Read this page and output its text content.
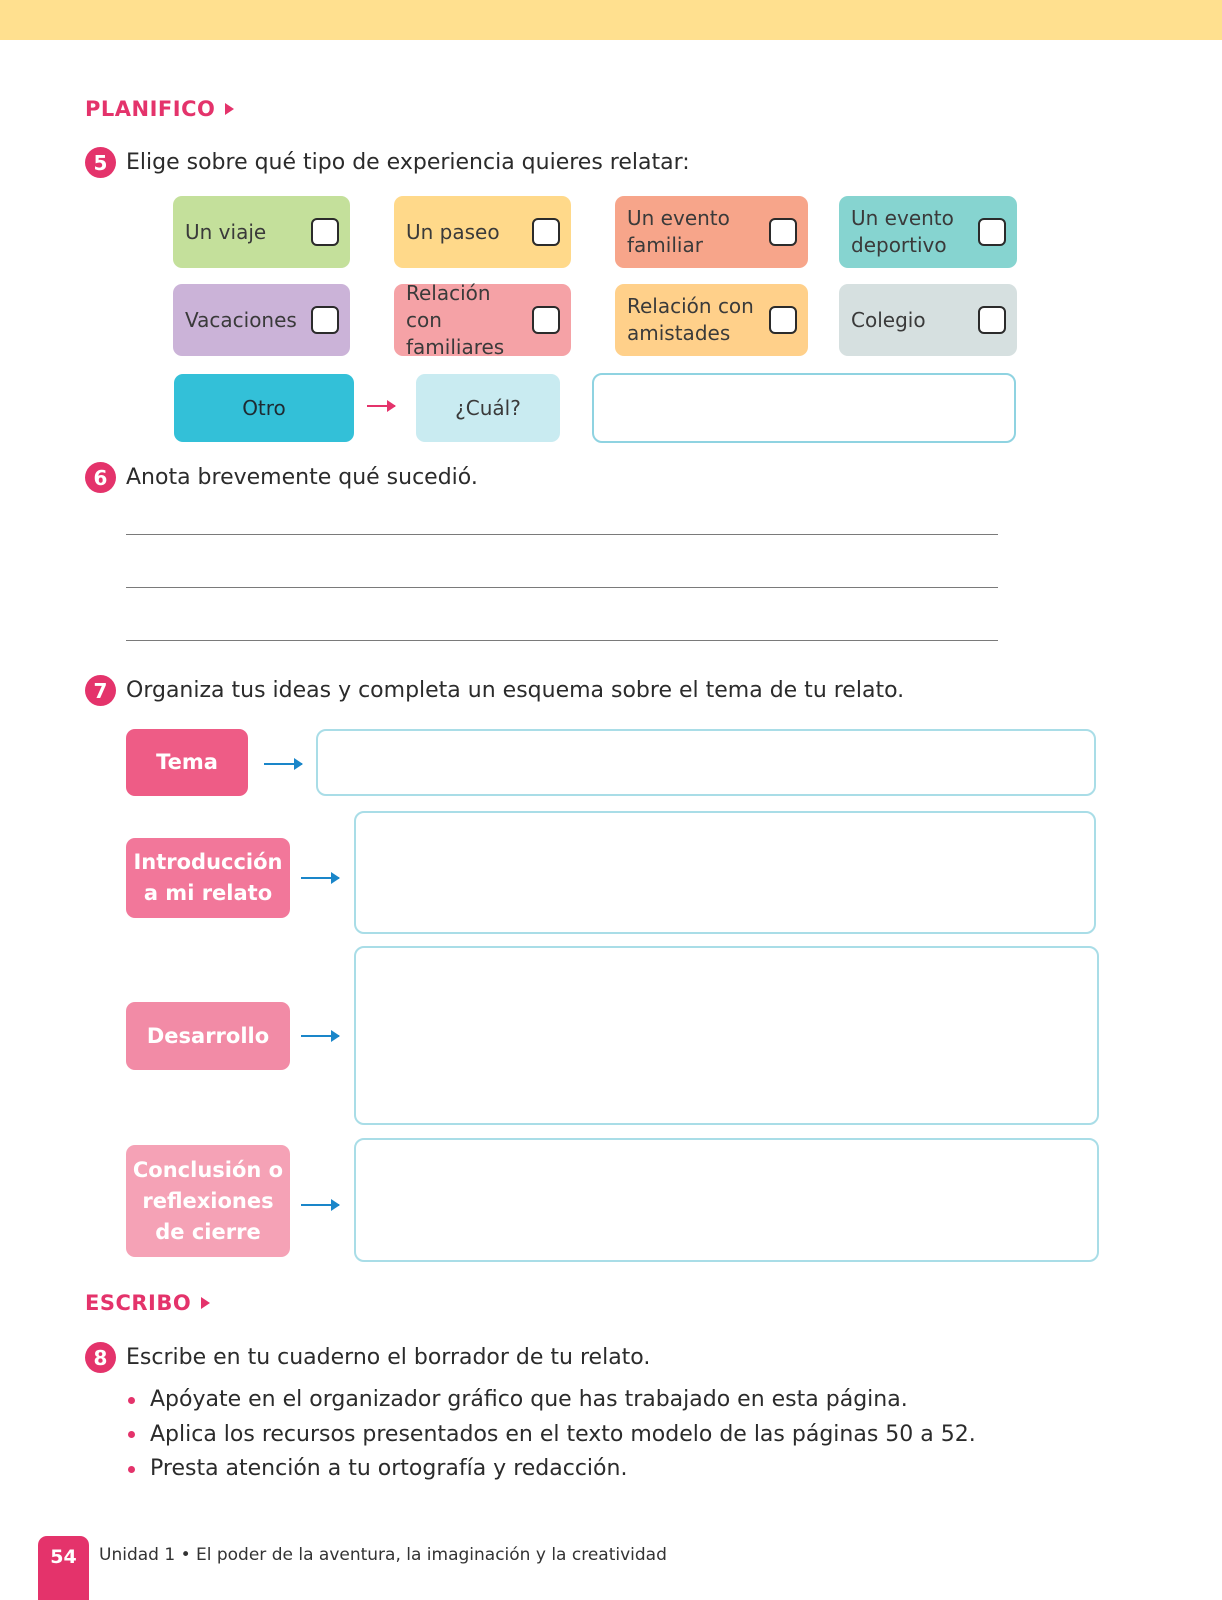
PLANIFICO
5 Elige sobre qué tipo de experiencia quieres relatar:
Un viaje	Un paseo
Un evento
familiar
Un evento
deportivo
Vacaciones
Relación con
familiares
Relación con
amistades
Colegio
Otro	¿Cuál?
6 Anota brevemente qué sucedió.
7 Organiza tus ideas y completa un esquema sobre el tema de tu relato.
Tema
Introducción
a mi relato
Desarrollo
Conclusión o
reflexiones
de cierre
ESCRIBO
8 Escribe en tu cuaderno el borrador de tu relato.
Apóyate en el organizador gráfico que has trabajado en esta página.
Aplica los recursos presentados en el texto modelo de las páginas 50 a 52.
Presta atención a tu ortografía y redacción.
54	Unidad 1 • El poder de la aventura, la imaginación y la creatividad
